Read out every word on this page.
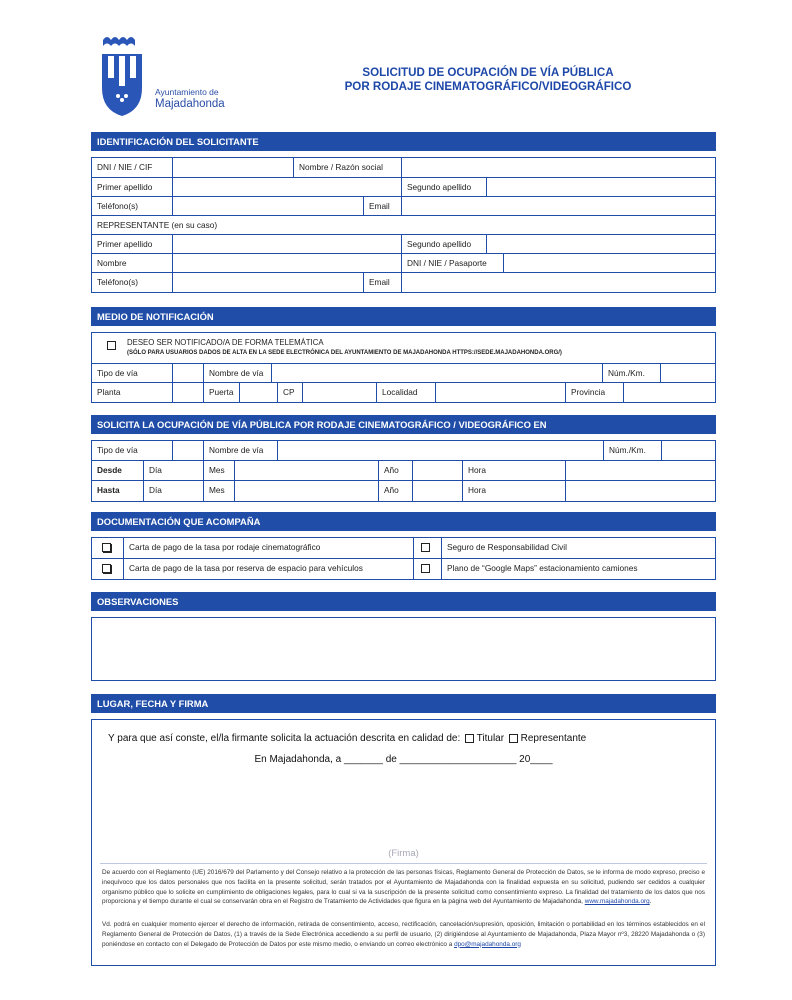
Ayuntamiento de
Majadahonda
SOLICITUD DE OCUPACIÓN DE VÍA PÚBLICA
POR RODAJE CINEMATOGRÁFICO/VIDEOGRÁFICO
IDENTIFICACIÓN DEL SOLICITANTE
DNI / NIE / CIF	Nombre / Razón social
Primer apellido	Segundo apellido
Teléfono(s)	Email
REPRESENTANTE (en su caso)
Primer apellido	Segundo apellido
Nombre	DNI / NIE / Pasaporte
Teléfono(s)	Email
MEDIO DE NOTIFICACIÓN
DESEO SER NOTIFICADO/A DE FORMA TELEMÁTICA
(SÓLO PARA USUARIOS DADOS DE ALTA EN LA SEDE ELECTRÓNICA DEL AYUNTAMIENTO DE MAJADAHONDA HTTPS://SEDE.MAJADAHONDA.ORG/)
Tipo de vía	Nombre de vía	Núm./Km.
Planta	Puerta	CP	Localidad	Provincia
SOLICITA LA OCUPACIÓN DE VÍA PÚBLICA POR RODAJE CINEMATOGRÁFICO / VIDEOGRÁFICO EN
Tipo de vía	Nombre de vía	Núm./Km.
Desde	Día	Mes	Año	Hora
Hasta	Día	Mes	Año	Hora
DOCUMENTACIÓN QUE ACOMPAÑA
Carta de pago de la tasa por rodaje cinematográfico	Seguro de Responsabilidad Civil
Carta de pago de la tasa por reserva de espacio para vehículos	Plano de “Google Maps” estacionamiento camiones
OBSERVACIONES
LUGAR, FECHA Y FIRMA
Y para que así conste, el/la firmante solicita la actuación descrita en calidad de: Titular Representante
En Majadahonda, a _______ de _____________________ 20____
(Firma)
De acuerdo con el Reglamento (UE) 2016/679 del Parlamento y del Consejo relativo a la protección de las personas físicas, Reglamento General de Protección de Datos, se le informa de modo expreso, preciso e inequívoco que los datos personales que nos facilita en la presente solicitud, serán tratados por el Ayuntamiento de Majadahonda con la finalidad expuesta en su solicitud, pudiendo ser cedidos a cualquier organismo público que lo solicite en cumplimiento de obligaciones legales, para lo cual si va la suscripción de la presente solicitud como consentimiento expreso. La finalidad del tratamiento de los datos que nos proporciona y el tiempo durante el cual se conservarán obra en el Registro de Tratamiento de Actividades que figura en la página web del Ayuntamiento de Majadahonda, www.majadahonda.org.
Vd. podrá en cualquier momento ejercer el derecho de información, retirada de consentimiento, acceso, rectificación, cancelación/supresión, oposición, limitación o portabilidad en los términos establecidos en el Reglamento General de Protección de Datos, (1) a través de la Sede Electrónica accediendo a su perfil de usuario, (2) dirigiéndose al Ayuntamiento de Majadahonda, Plaza Mayor nº3, 28220 Majadahonda o (3) poniéndose en contacto con el Delegado de Protección de Datos por este mismo medio, o enviando un correo electrónico a dpo@majadahonda.org
